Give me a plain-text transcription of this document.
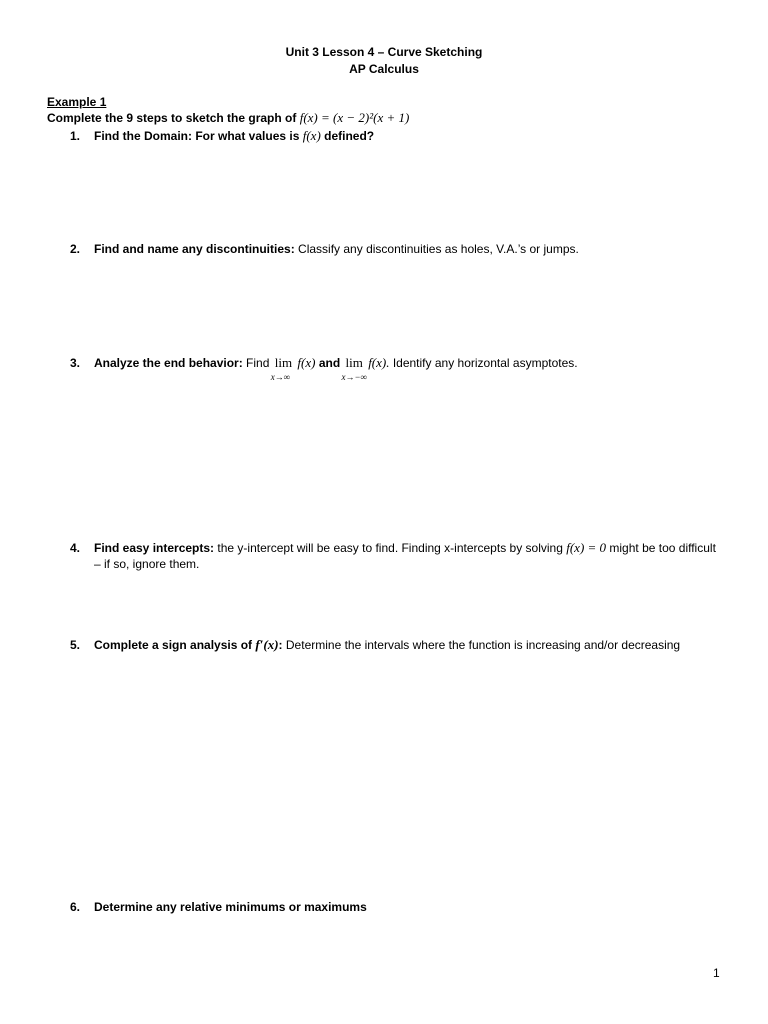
Unit 3 Lesson 4 – Curve Sketching
AP Calculus
Example 1
Complete the 9 steps to sketch the graph of f(x) = (x − 2)²(x + 1)
1.	Find the Domain: For what values is f(x) defined?
2.	Find and name any discontinuities: Classify any discontinuities as holes, V.A.’s or jumps.
3.	Analyze the end behavior: Find lim
x→∞
f(x) and lim
x→−∞
f(x). Identify any horizontal asymptotes.
4.	Find easy intercepts: the y-intercept will be easy to find. Finding x-intercepts by solving f(x) = 0 might be too difficult – if so, ignore them.
5.	Complete a sign analysis of f′(x): Determine the intervals where the function is increasing and/or decreasing
6.	Determine any relative minimums or maximums
1
